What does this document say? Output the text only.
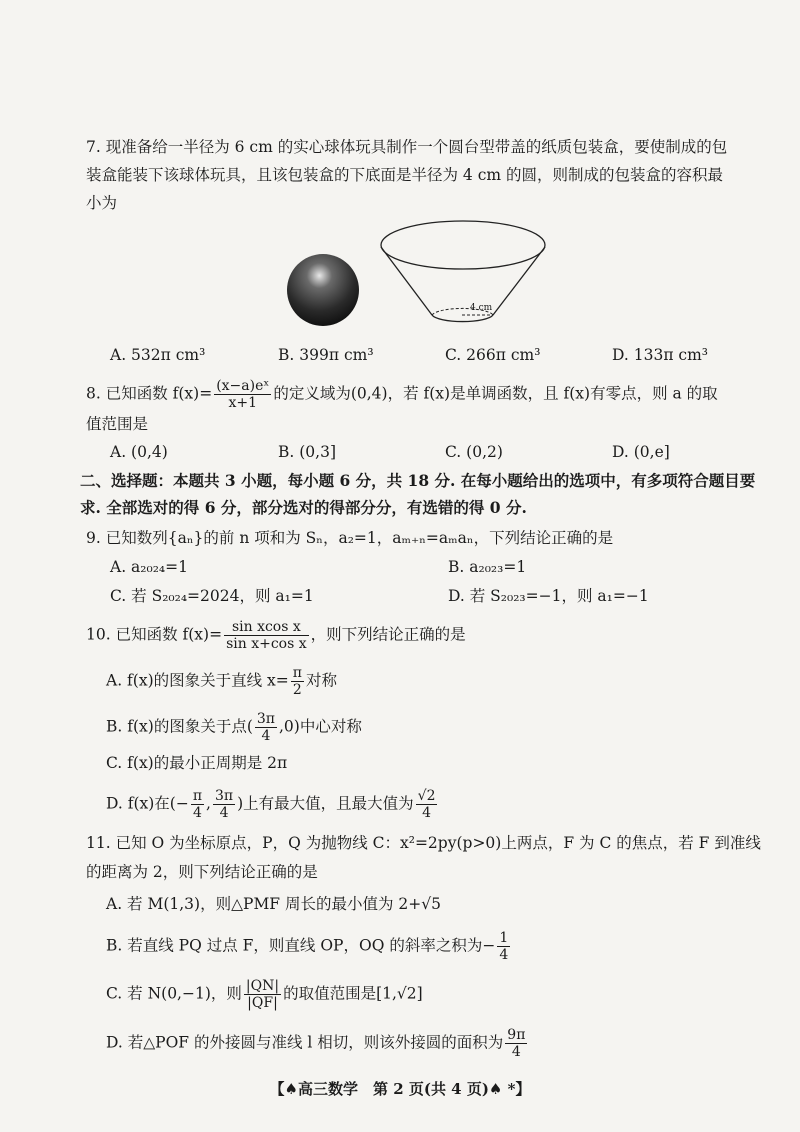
7. 现准备给一半径为 6 cm 的实心球体玩具制作一个圆台型带盖的纸质包装盒，要使制成的包
装盒能装下该球体玩具，且该包装盒的下底面是半径为 4 cm 的圆，则制成的包装盒的容积最
小为
4 cm
A. 532π cm³	B. 399π cm³	C. 266π cm³	D. 133π cm³
8. 已知函数 $f(x)= \frac{\text{(x−a)eˣ}}{x+1}$ 的定义域为(0,4)，若 f(x)是单调函数，且 f(x)有零点，则 a 的取
值范围是
A. (0,4)	B. (0,3]	C. (0,2)	D. (0,e]
二、选择题：本题共 3 小题，每小题 6 分，共 18 分. 在每小题给出的选项中，有多项符合题目要
求. 全部选对的得 6 分，部分选对的得部分分，有选错的得 0 分.
9. 已知数列{aₙ}的前 n 项和为 Sₙ，a₂=1，aₘ₊ₙ=aₘaₙ，下列结论正确的是
A. a₂₀₂₄=1	B. a₂₀₂₃=1
C. 若 S₂₀₂₄=2024，则 a₁=1	D. 若 S₂₀₂₃=−1，则 a₁=−1
10. 已知函数 $f(x)= \frac{\text{sin xcos x}}{\text{sin x+cos x}}$ ，则下列结论正确的是
A. f(x)的图象关于直线 $x= \frac{\pi}{2}$ 对称
B. f(x)的图象关于点( $\frac{3\pi}{4} ,0$)中心对称
C. f(x)的最小正周期是 2π
D. f(x)在(− $\frac{\pi}{4}$ , $\frac{3\pi}{4}$ )上有最大值，且最大值为 $\frac{√2}{4}$
11. 已知 O 为坐标原点，P，Q 为抛物线 C：x²=2py(p>0)上两点，F 为 C 的焦点，若 F 到准线
的距离为 2，则下列结论正确的是
A. 若 M(1,3)，则△PMF 周长的最小值为 2+√5
B. 若直线 PQ 过点 F，则直线 OP，OQ 的斜率之积为− $\frac{1}{4}$
C. 若 N(0,−1)，则 $\frac{|QN|}{|QF|}$ 的取值范围是[1,√2]
D. 若△POF 的外接圆与准线 l 相切，则该外接圆的面积为 $\frac{9\pi}{4}$
【♠高三数学　第 2 页(共 4 页)♠ *】
